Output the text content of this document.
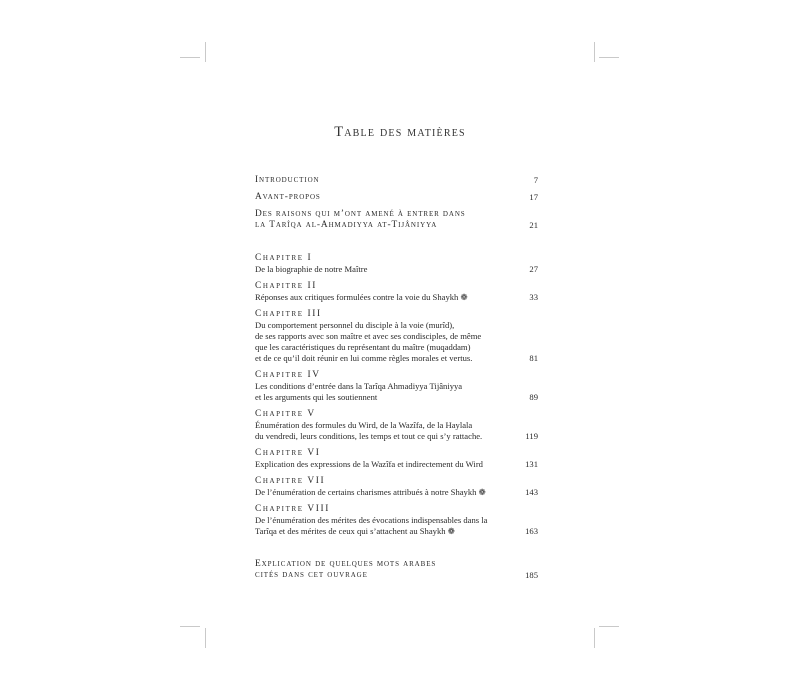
Table des matières
Introduction	7
Avant-propos	17
Des raisons qui m’ont amené à entrer dans
la Tarîqa al-Ahmadiyya at-Tijâniyya	21
Chapitre I
De la biographie de notre Maître	27
Chapitre II
Réponses aux critiques formulées contre la voie du Shaykh ❁	33
Chapitre III
Du comportement personnel du disciple à la voie (murîd),
de ses rapports avec son maître et avec ses condisciples, de même
que les caractéristiques du représentant du maître (muqaddam)
et de ce qu’il doit réunir en lui comme règles morales et vertus.	81
Chapitre IV
Les conditions d’entrée dans la Tarîqa Ahmadiyya Tijâniyya
et les arguments qui les soutiennent	89
Chapitre V
Énumération des formules du Wird, de la Wazîfa, de la Haylala
du vendredi, leurs conditions, les temps et tout ce qui s’y rattache.	119
Chapitre VI
Explication des expressions de la Wazîfa et indirectement du Wird	131
Chapitre VII
De l’énumération de certains charismes attribués à notre Shaykh ❁	143
Chapitre VIII
De l’énumération des mérites des évocations indispensables dans la
Tarîqa et des mérites de ceux qui s’attachent au Shaykh ❁	163
Explication de quelques mots arabes
cités dans cet ouvrage	185
